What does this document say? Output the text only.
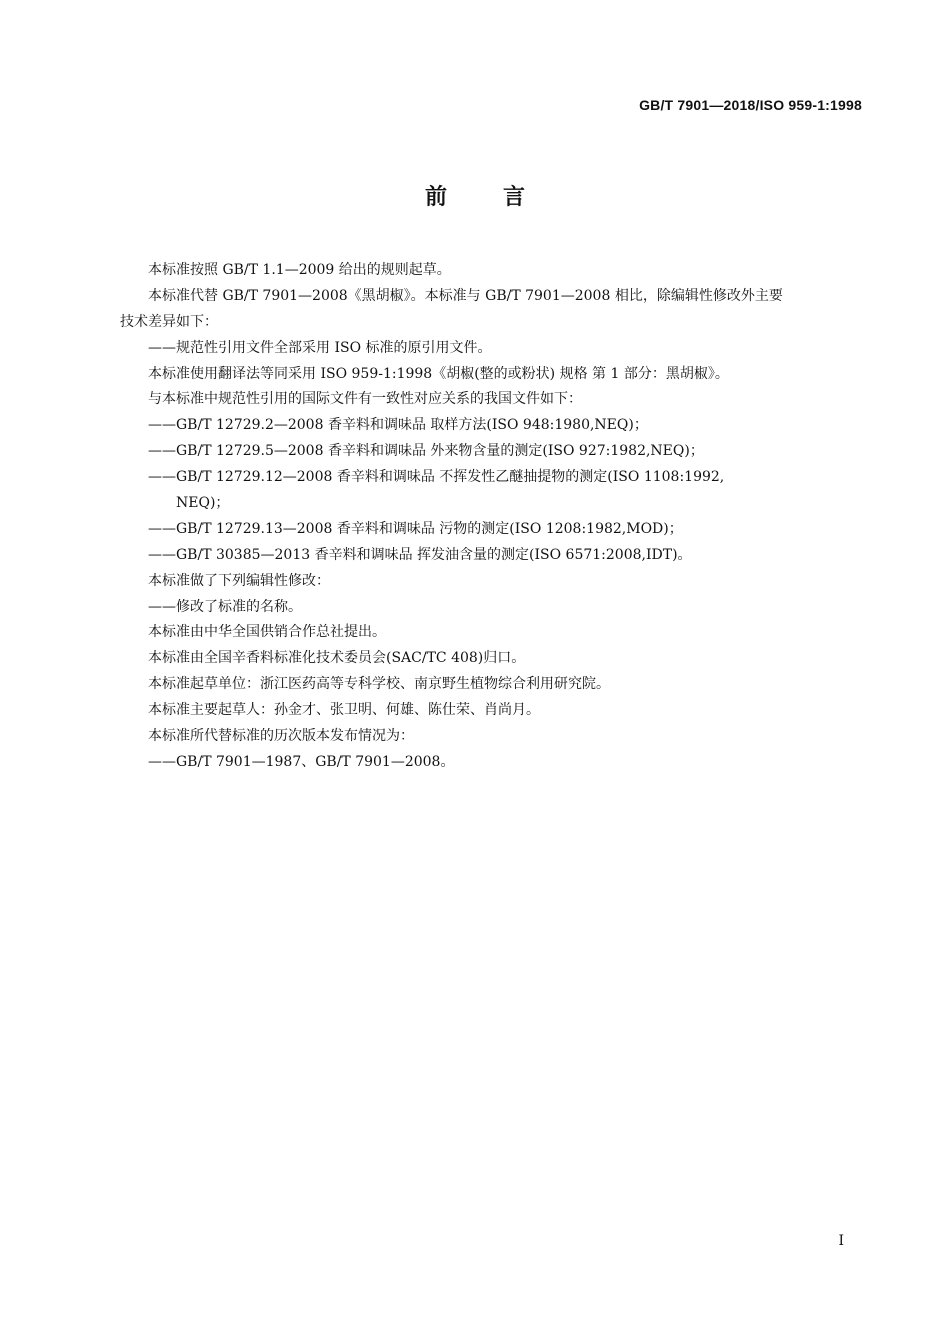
GB/T 7901—2018/ISO 959-1:1998
前言
本标准按照 GB/T 1.1—2009 给出的规则起草。
本标准代替 GB/T 7901—2008《黑胡椒》。本标准与 GB/T 7901—2008 相比，除编辑性修改外主要
技术差异如下：
——规范性引用文件全部采用 ISO 标准的原引用文件。
本标准使用翻译法等同采用 ISO 959-1:1998《胡椒(整的或粉状) 规格 第 1 部分：黑胡椒》。
与本标准中规范性引用的国际文件有一致性对应关系的我国文件如下：
——GB/T 12729.2—2008 香辛料和调味品 取样方法(ISO 948:1980,NEQ)；
——GB/T 12729.5—2008 香辛料和调味品 外来物含量的测定(ISO 927:1982,NEQ)；
——GB/T 12729.12—2008 香辛料和调味品 不挥发性乙醚抽提物的测定(ISO 1108:1992,
NEQ)；
——GB/T 12729.13—2008 香辛料和调味品 污物的测定(ISO 1208:1982,MOD)；
——GB/T 30385—2013 香辛料和调味品 挥发油含量的测定(ISO 6571:2008,IDT)。
本标准做了下列编辑性修改：
——修改了标准的名称。
本标准由中华全国供销合作总社提出。
本标准由全国辛香料标准化技术委员会(SAC/TC 408)归口。
本标准起草单位：浙江医药高等专科学校、南京野生植物综合利用研究院。
本标准主要起草人：孙金才、张卫明、何雄、陈仕荣、肖尚月。
本标准所代替标准的历次版本发布情况为：
——GB/T 7901—1987、GB/T 7901—2008。
I
